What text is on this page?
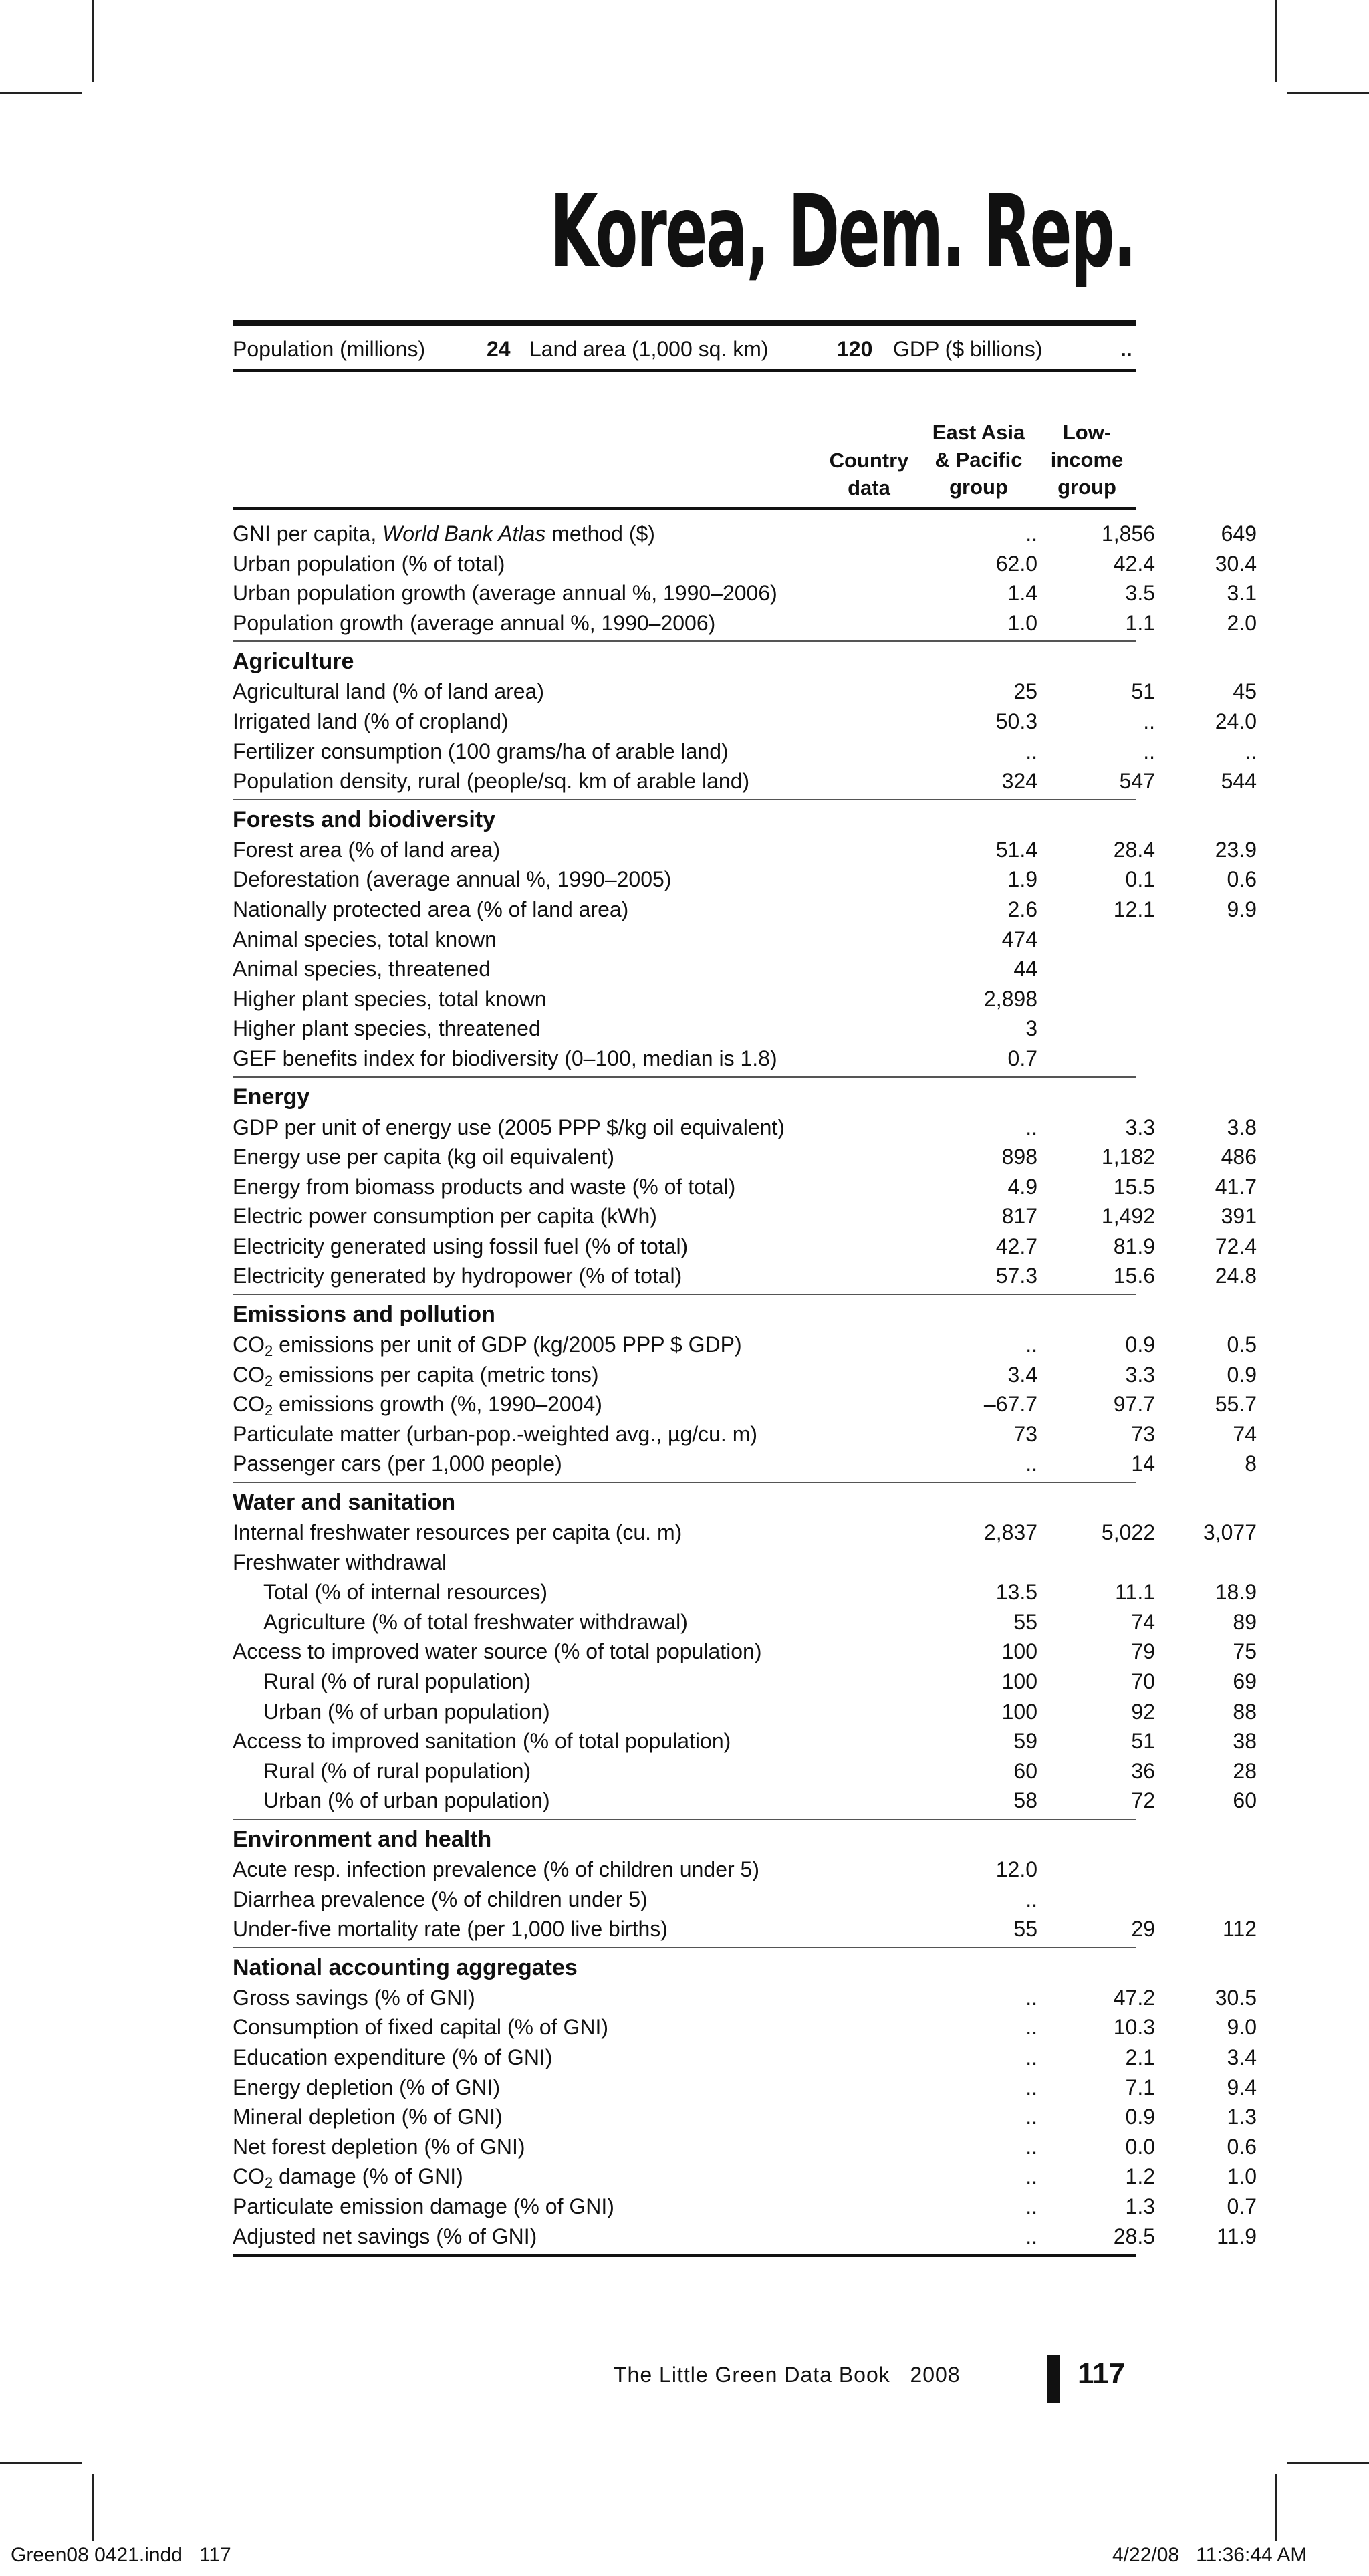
Korea, Dem. Rep.
Population (millions)	24 Land area (1,000 sq. km)	120 GDP ($ billions)	..
Country
data
East Asia
& Pacific
group
Low-
income
group
GNI per capita, World Bank Atlas method ($)	..	1,856	649
Urban population (% of total)	62.0	42.4	30.4
Urban population growth (average annual %, 1990–2006)	1.4	3.5	3.1
Population growth (average annual %, 1990–2006)	1.0	1.1	2.0
Agriculture
Agricultural land (% of land area)	25	51	45
Irrigated land (% of cropland)	50.3	..	24.0
Fertilizer consumption (100 grams/ha of arable land)	..	..	..
Population density, rural (people/sq. km of arable land)	324	547	544
Forests and biodiversity
Forest area (% of land area)	51.4	28.4	23.9
Deforestation (average annual %, 1990–2005)	1.9	0.1	0.6
Nationally protected area (% of land area)	2.6	12.1	9.9
Animal species, total known	474
Animal species, threatened	44
Higher plant species, total known	2,898
Higher plant species, threatened	3
GEF benefits index for biodiversity (0–100, median is 1.8)	0.7
Energy
GDP per unit of energy use (2005 PPP $/kg oil equivalent)	..	3.3	3.8
Energy use per capita (kg oil equivalent)	898	1,182	486
Energy from biomass products and waste (% of total)	4.9	15.5	41.7
Electric power consumption per capita (kWh)	817	1,492	391
Electricity generated using fossil fuel (% of total)	42.7	81.9	72.4
Electricity generated by hydropower (% of total)	57.3	15.6	24.8
Emissions and pollution
$CO_2$ emissions per unit of GDP (kg/2005 PPP $ GDP)	..	0.9	0.5
$CO_2$ emissions per capita (metric tons)	3.4	3.3	0.9
$CO_2$ emissions growth (%, 1990–2004)	–67.7	97.7	55.7
Particulate matter (urban-pop.-weighted avg., µg/cu. m)	73	73	74
Passenger cars (per 1,000 people)	..	14	8
Water and sanitation
Internal freshwater resources per capita (cu. m)	2,837	5,022	3,077
Freshwater withdrawal
Total (% of internal resources)	13.5	11.1	18.9
Agriculture (% of total freshwater withdrawal)	55	74	89
Access to improved water source (% of total population)	100	79	75
Rural (% of rural population)	100	70	69
Urban (% of urban population)	100	92	88
Access to improved sanitation (% of total population)	59	51	38
Rural (% of rural population)	60	36	28
Urban (% of urban population)	58	72	60
Environment and health
Acute resp. infection prevalence (% of children under 5)	12.0
Diarrhea prevalence (% of children under 5)	..
Under-five mortality rate (per 1,000 live births)	55	29	112
National accounting aggregates
Gross savings (% of GNI)	..	47.2	30.5
Consumption of fixed capital (% of GNI)	..	10.3	9.0
Education expenditure (% of GNI)	..	2.1	3.4
Energy depletion (% of GNI)	..	7.1	9.4
Mineral depletion (% of GNI)	..	0.9	1.3
Net forest depletion (% of GNI)	..	0.0	0.6
$CO_2$ damage (% of GNI)	..	1.2	1.0
Particulate emission damage (% of GNI)	..	1.3	0.7
Adjusted net savings (% of GNI)	..	28.5	11.9
The Little Green Data Book 2008	117
Green08 0421.indd   117	4/22/08   11:36:44 AM
